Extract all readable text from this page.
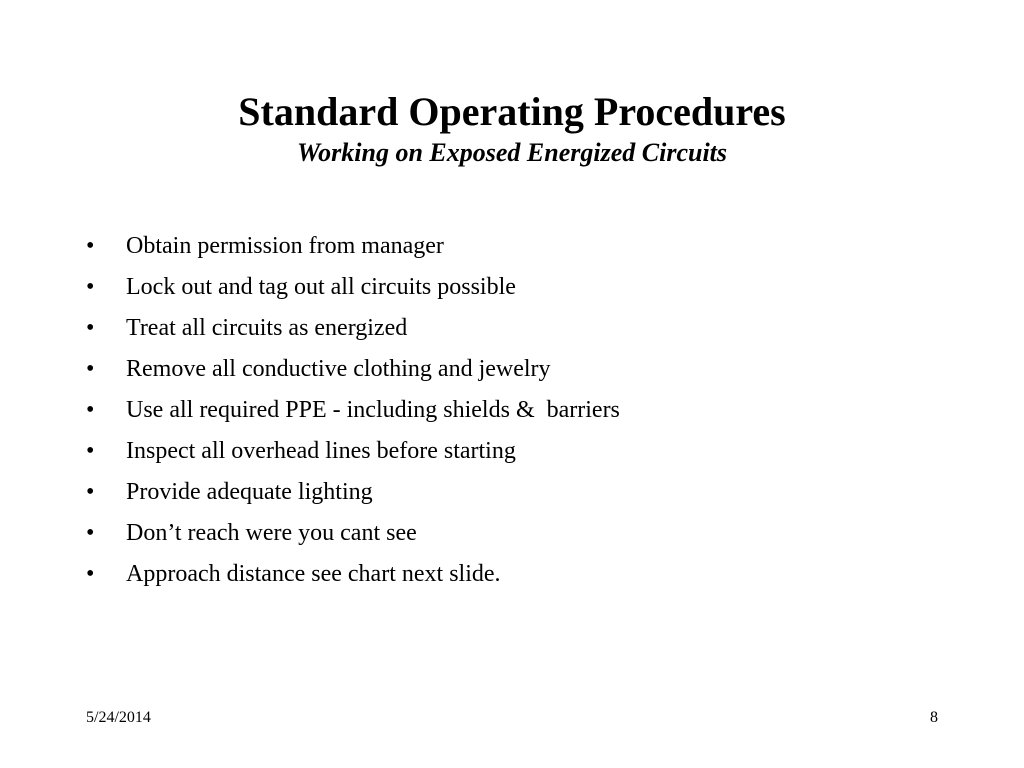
Standard Operating Procedures
Working on Exposed Energized Circuits
•	Obtain permission from manager
•	Lock out and tag out all circuits possible
•	Treat all circuits as energized
•	Remove all conductive clothing and jewelry
•	Use all required PPE - including shields &  barriers
•	Inspect all overhead lines before starting
•	Provide adequate lighting
•	Don’t reach were you cant see
•	Approach distance see chart next slide.
5/24/2014	8
